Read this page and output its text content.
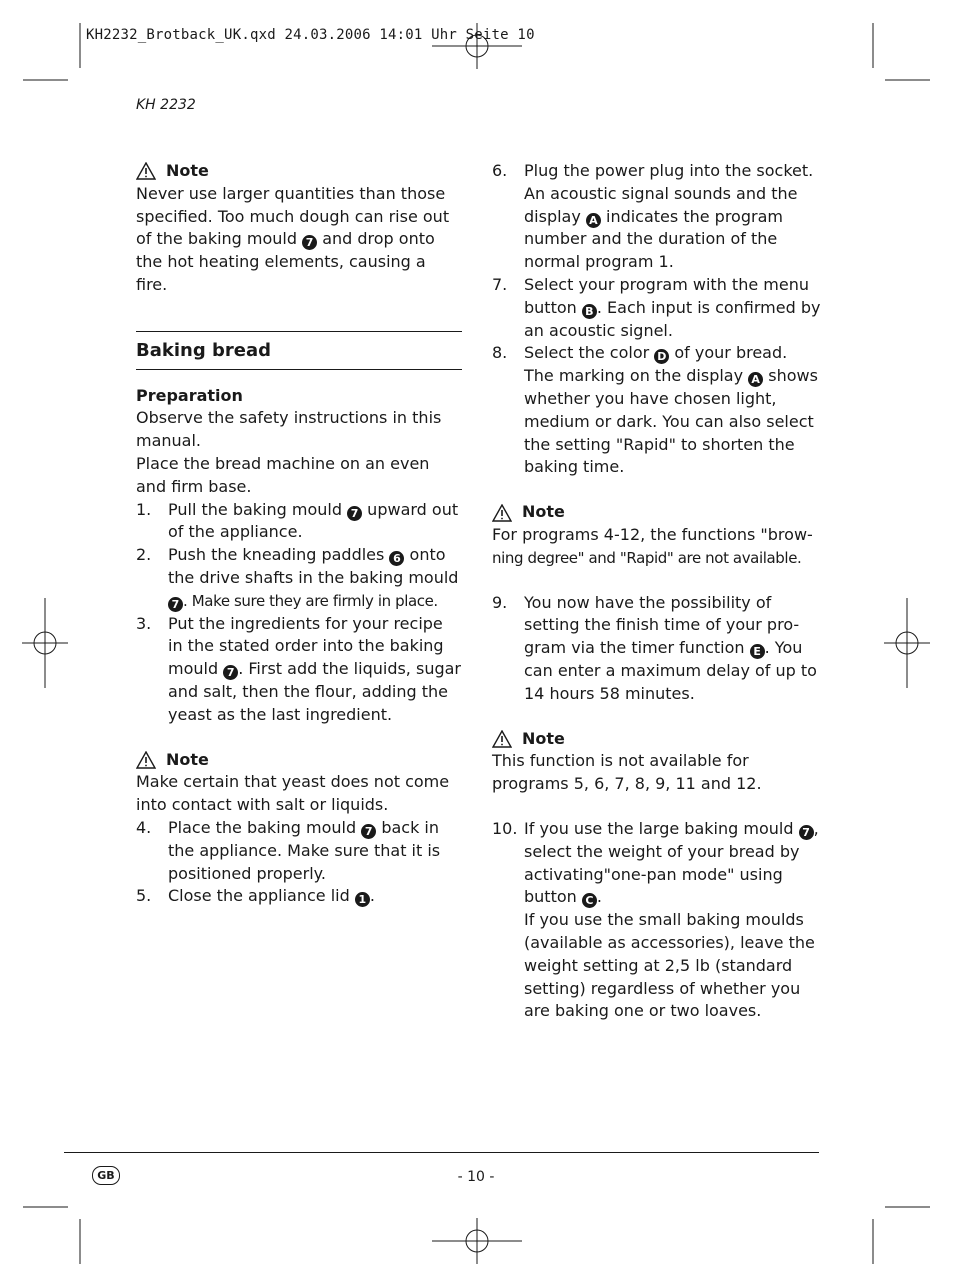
KH2232_Brotback_UK.qxd 24.03.2006 14:01 Uhr Seite 10
KH 2232
Note

Never use larger quantities than those specified. Too much dough can rise out of the baking mould 7 and drop onto the hot heating elements, causing a fire.

Baking bread
Preparation

Observe the safety instructions in this manual.

Place the bread machine on an even and firm base.

1.	Pull the baking mould 7 upward out of the appliance.
2.	Push the kneading paddles 6 onto the drive shafts in the baking mould 7 . Make sure they are firmly in place.
3.	Put the ingredients for your recipe in the stated order into the baking mould 7 . First add the liquids, sugar and salt, then the flour, adding the yeast as the last ingredient.
Note

Make certain that yeast does not come into contact with salt or liquids.

4.	Place the baking mould 7 back in the appliance. Make sure that it is positioned properly.
5.	Close the appliance lid 1 .
6.	Plug the power plug into the socket. An acoustic signal sounds and the display A indicates the program number and the duration of the normal program 1.
7.	Select your program with the menu button B . Each input is confirmed by an acoustic signel.
8.	Select the color D of your bread. The marking on the display A shows whether you have chosen light, medium or dark. You can also select the setting "Rapid" to shorten the baking time.
Note

For programs 4-12, the functions "brow-

ning degree" and "Rapid" are not available.

9.	You now have the possibility of setting the finish time of your pro-gram via the timer function E . You can enter a maximum delay of up to 14 hours 58 minutes.
Note

This function is not available for programs 5, 6, 7, 8, 9, 11 and 12.

10. If you use the large baking mould 7 , select the weight of your bread by activating"one-pan mode" using button C .
If you use the small baking moulds (available as accessories), leave the weight setting at 2,5 lb (standard setting) regardless of whether you are baking one or two loaves.
GB	- 10 -
